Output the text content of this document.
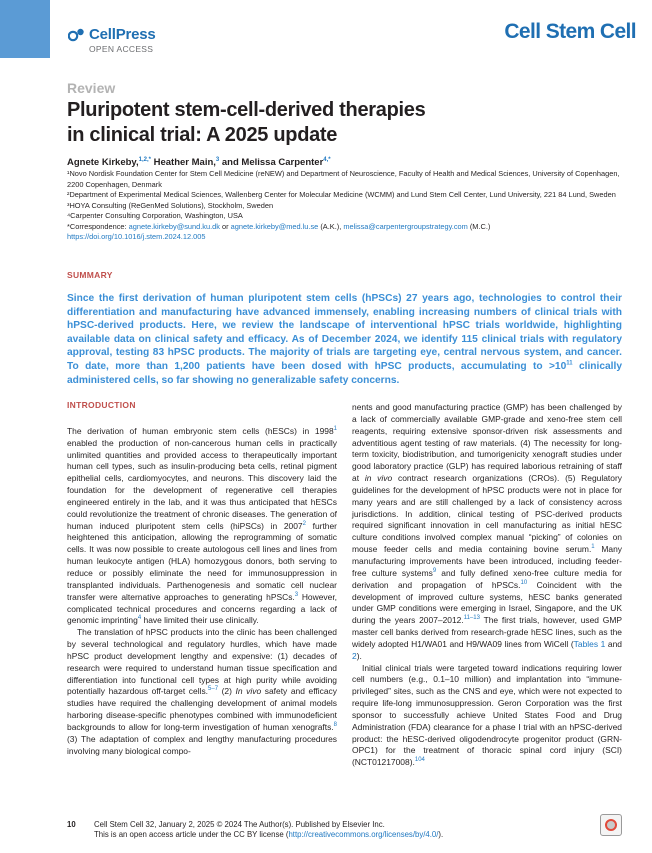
CellPress
OPEN ACCESS
Cell Stem Cell
Review
Pluripotent stem-cell-derived therapies
in clinical trial: A 2025 update
Agnete Kirkeby,$^{1,2,*}$ Heather Main,$^3$ and Melissa Carpenter$^{4,*}$
¹Novo Nordisk Foundation Center for Stem Cell Medicine (reNEW) and Department of Neuroscience, Faculty of Health and Medical Sciences, University of Copenhagen, 2200 Copenhagen, Denmark
²Department of Experimental Medical Sciences, Wallenberg Center for Molecular Medicine (WCMM) and Lund Stem Cell Center, Lund University, 221 84 Lund, Sweden
³HOYA Consulting (ReGenMed Solutions), Stockholm, Sweden
⁴Carpenter Consulting Corporation, Washington, USA
*Correspondence: agnete.kirkeby@sund.ku.dk or agnete.kirkeby@med.lu.se (A.K.), melissa@carpentergroupstrategy.com (M.C.)
https://doi.org/10.1016/j.stem.2024.12.005
SUMMARY

Since the first derivation of human pluripotent stem cells (hPSCs) 27 years ago, technologies to control their differentiation and manufacturing have advanced immensely, enabling increasing numbers of clinical trials with hPSC-derived products. Here, we review the landscape of interventional hPSC trials worldwide, highlighting available data on clinical safety and efficacy. As of December 2024, we identify 115 clinical trials with regulatory approval, testing 83 hPSC products. The majority of trials are targeting eye, central nervous system, and cancer. To date, more than 1,200 patients have been dosed with hPSC products, accumulating to $>10^{11}$ clinically administered cells, so far showing no generalizable safety concerns.

INTRODUCTION

The derivation of human embryonic stem cells (hESCs) in 1998$^1$ enabled the production of non-cancerous human cells in practically unlimited quantities and provided access to therapeutically important human cell types, such as insulin-producing beta cells, retinal pigment epithelial cells, cardiomyocytes, and neurons. This discovery laid the foundation for the development of regenerative cell therapies engineered entirely in the lab, and it was thus anticipated that hESCs could revolutionize the treatment of chronic diseases. The generation of human induced pluripotent stem cells (hiPSCs) in 2007$^2$ further heightened this anticipation, allowing the reprogramming of somatic cells. It was now possible to create autologous cell lines and lines from human leukocyte antigen (HLA) homozygous donors, both serving to reduce or possibly eliminate the need for immunosuppression in transplanted individuals. Parthenogenesis and somatic cell nuclear transfer were alternative approaches to generating hPSCs.$^3$ However, complicated technical procedures and concerns regarding a lack of genomic imprinting$^4$ have limited their use clinically.

The translation of hPSC products into the clinic has been challenged by several technological and regulatory hurdles, which have made hPSC product development lengthy and expensive: (1) decades of research were required to understand human tissue specification and differentiation into functional cell types at high purity while avoiding potentially hazardous off-target cells.$^{5-7}$ (2) In vivo safety and efficacy studies have required the challenging development of animal models harboring disease-specific phenotypes combined with immunodeficient backgrounds to allow for long-term investigation of human xenografts.$^8$ (3) The adaptation of complex and lengthy manufacturing procedures involving many biological compo-

nents and good manufacturing practice (GMP) has been challenged by a lack of commercially available GMP-grade and xeno-free stem cell reagents, requiring extensive sponsor-driven risk assessments and adventitious agent testing of raw materials. (4) The necessity for long-term toxicity, biodistribution, and tumorigenicity xenograft studies under good laboratory practice (GLP) has required laborious retraining of staff at in vivo contract research organizations (CROs). (5) Regulatory guidelines for the development of hPSC products were not in place for many years and are still challenged by a lack of consistency across jurisdictions. In addition, clinical testing of PSC-derived products required significant innovation in cell manufacturing as initial hESC culture conditions involved complex manual “picking” of colonies on mouse feeder cells and media containing bovine serum.$^1$ Many manufacturing improvements have been introduced, including feeder-free culture systems$^9$ and fully defined xeno-free culture media for derivation and propagation of hPSCs.$^{10}$ Coincident with the development of improved culture systems, hESC banks generated under GMP conditions were emerging in Israel, Singapore, and the UK during the years 2007–2012.$^{11-13}$ The first trials, however, used GMP master cell banks derived from research-grade hESC lines, such as the widely adopted H1/WA01 and H9/WA09 lines from WiCell (Tables 1 and 2).

Initial clinical trials were targeted toward indications requiring lower cell numbers (e.g., 0.1–10 million) and implantation into “immune-privileged” sites, such as the CNS and eye, which were not expected to require life-long immunosuppression. Geron Corporation was the first sponsor to successfully achieve United States Food and Drug Administration (FDA) clearance for a phase I trial with an hPSC-derived product: the hESC-derived oligodendrocyte progenitor product (GRN-OPC1) for the treatment of thoracic spinal cord injury (SCI) (NCT01217008).$^{104}$

10 Cell Stem Cell 32, January 2, 2025 © 2024 The Author(s). Published by Elsevier Inc.
This is an open access article under the CC BY license (http://creativecommons.org/licenses/by/4.0/).
